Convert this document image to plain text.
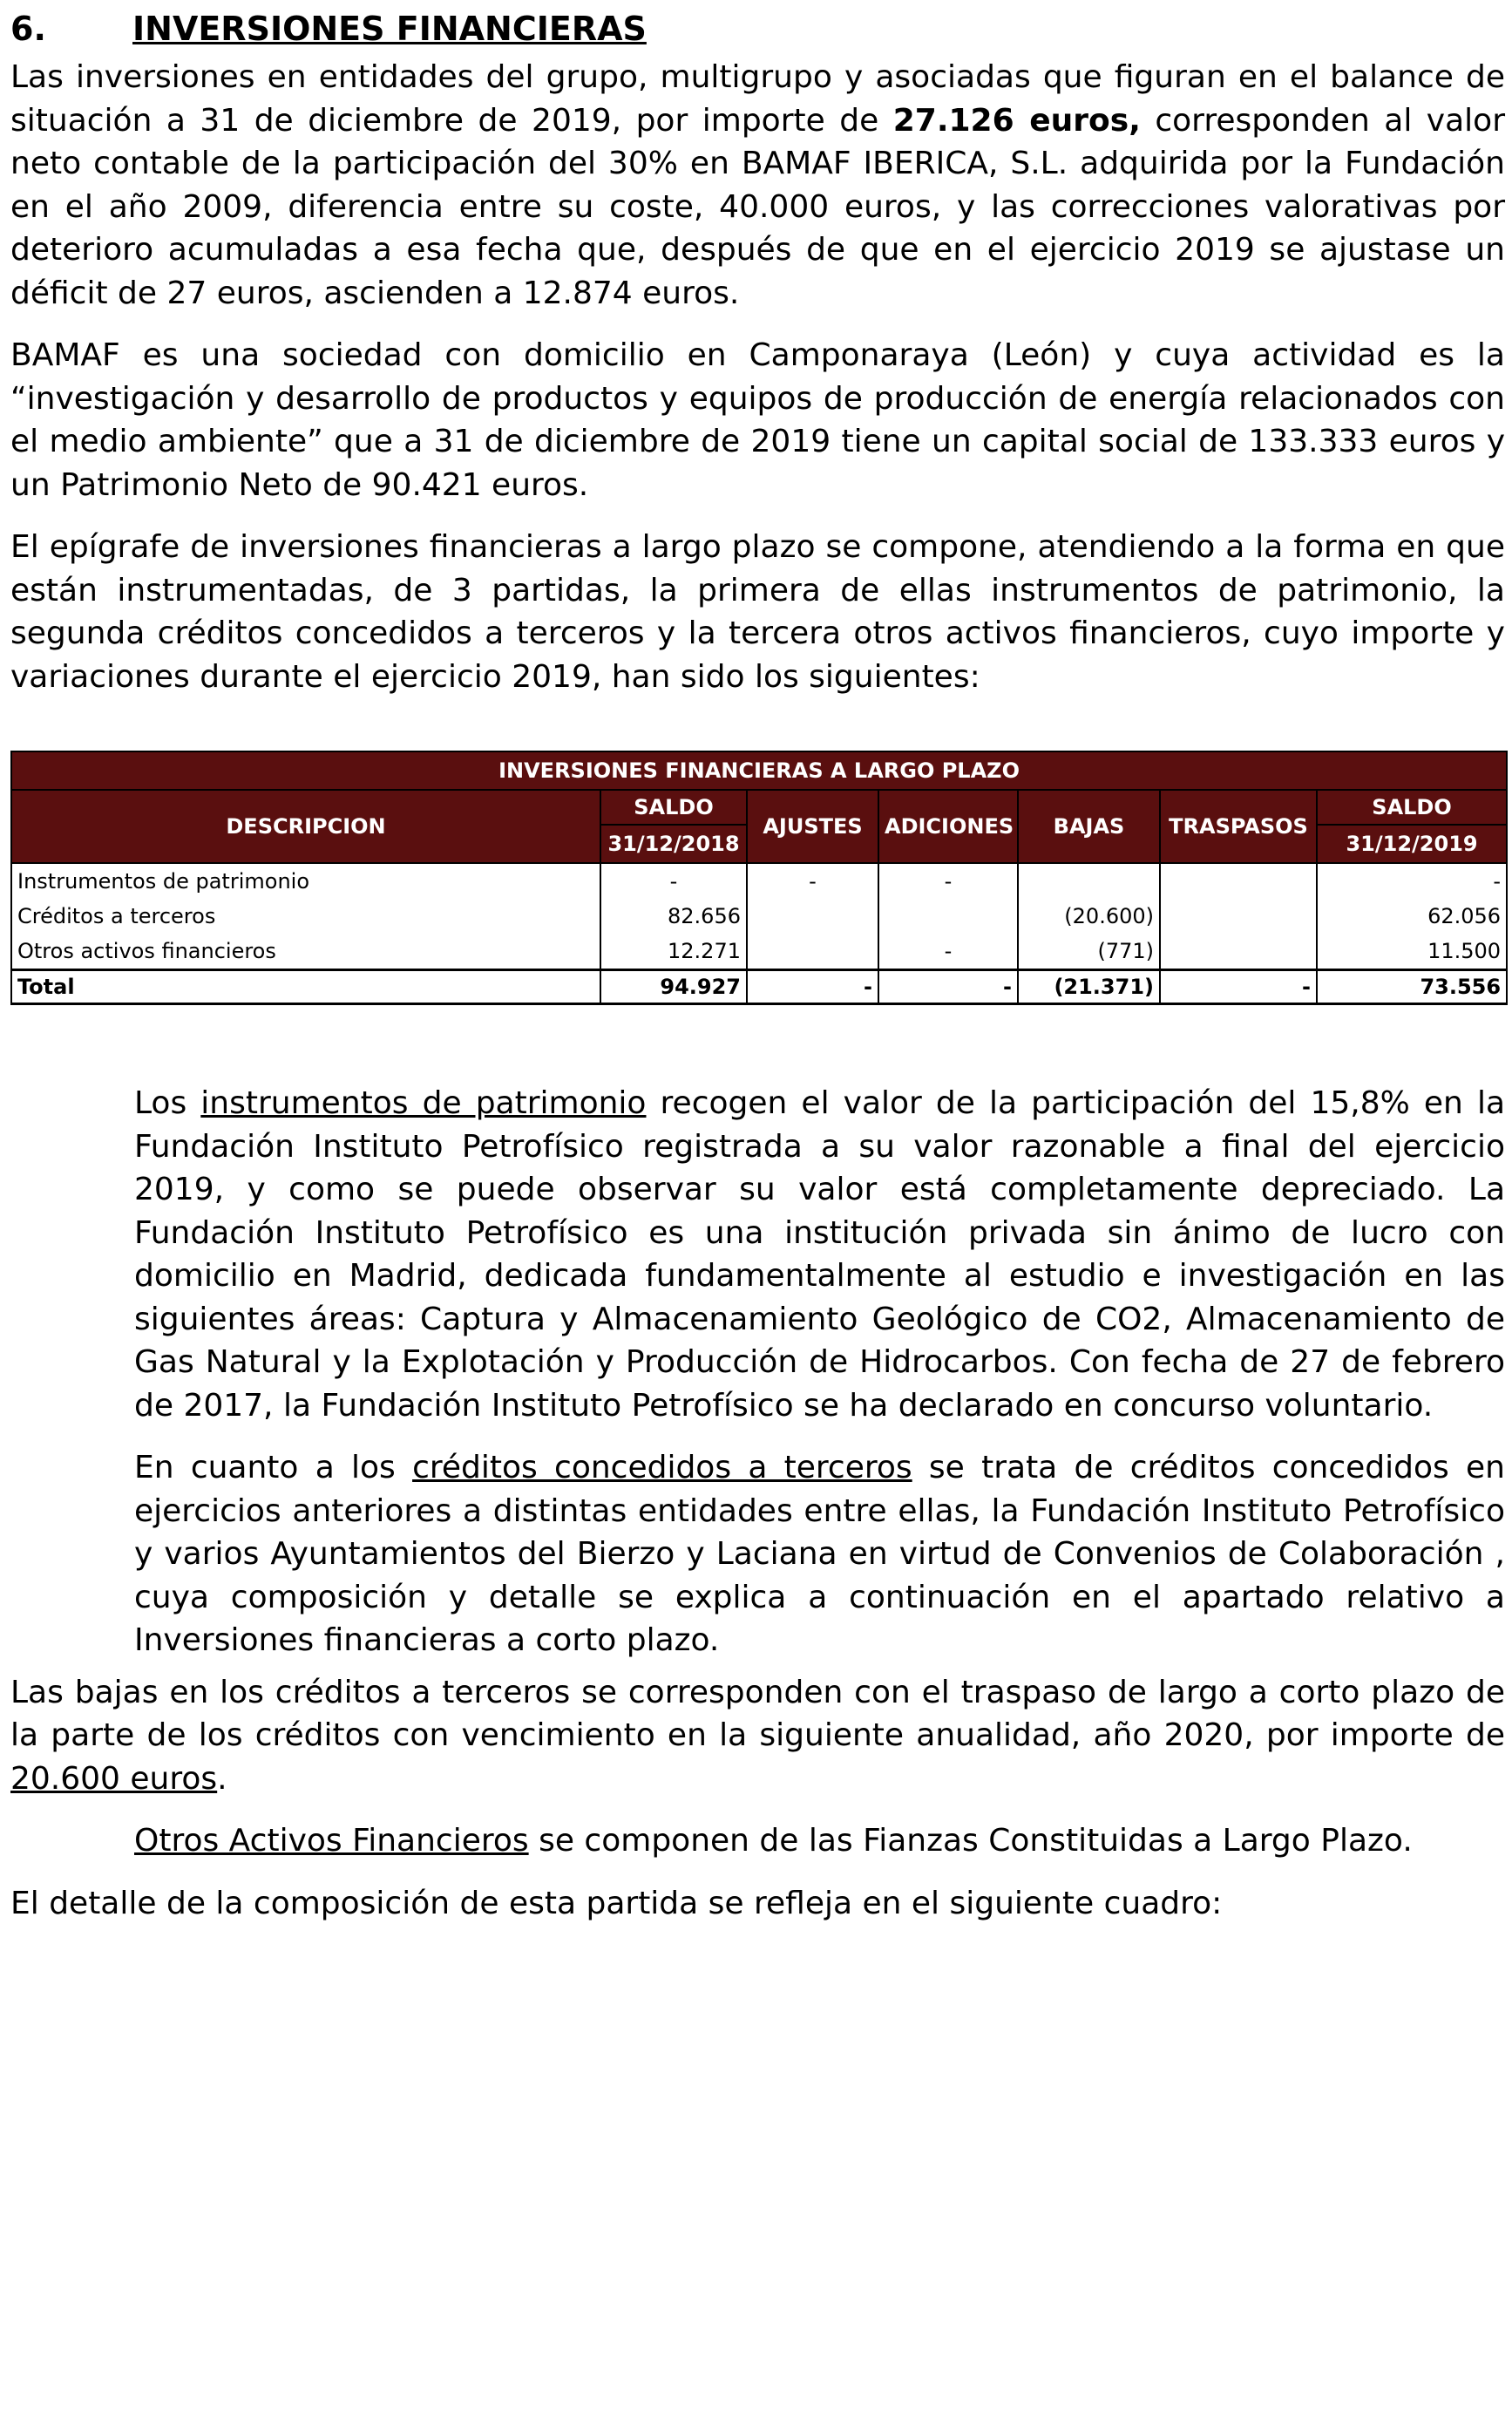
6.	INVERSIONES FINANCIERAS

Las inversiones en entidades del grupo, multigrupo y asociadas que figuran en el balance de situación a 31 de diciembre de 2019, por importe de 27.126 euros, corresponden al valor neto contable de la participación del 30% en BAMAF IBERICA, S.L. adquirida por la Fundación en el año 2009, diferencia entre su coste, 40.000 euros, y las correcciones valorativas por deterioro acumuladas a esa fecha que, después de que en el ejercicio 2019 se ajustase un déficit de 27 euros, ascienden a 12.874 euros.

BAMAF es una sociedad con domicilio en Camponaraya (León) y cuya actividad es la “investigación y desarrollo de productos y equipos de producción de energía relacionados con el medio ambiente” que a 31 de diciembre de 2019 tiene un capital social de 133.333 euros y un Patrimonio Neto de 90.421 euros.

El epígrafe de inversiones financieras a largo plazo se compone, atendiendo a la forma en que están instrumentadas, de 3 partidas, la primera de ellas instrumentos de patrimonio, la segunda créditos concedidos a terceros y la tercera otros activos financieros, cuyo importe y variaciones durante el ejercicio 2019, han sido los siguientes:

INVERSIONES FINANCIERAS A LARGO PLAZO						
DESCRIPCION	SALDO	AJUSTES	ADICIONES	BAJAS	TRASPASOS	SALDO
	31/12/2018					31/12/2019
Instrumentos de patrimonio	-	-	-			-
Créditos a terceros	82.656			(20.600)		62.056
Otros activos financieros	12.271		-	(771)		11.500
Total	94.927	-	-	(21.371)	-	73.556

Los instrumentos de patrimonio recogen el valor de la participación del 15,8% en la Fundación Instituto Petrofísico registrada a su valor razonable a final del ejercicio 2019, y como se puede observar su valor está completamente depreciado. La Fundación Instituto Petrofísico es una institución privada sin ánimo de lucro con domicilio en Madrid, dedicada fundamentalmente al estudio e investigación en las siguientes áreas: Captura y Almacenamiento Geológico de CO2, Almacenamiento de Gas Natural y la Explotación y Producción de Hidrocarbos. Con fecha de 27 de febrero de 2017, la Fundación Instituto Petrofísico se ha declarado en concurso voluntario.

En cuanto a los créditos concedidos a terceros se trata de créditos concedidos en ejercicios anteriores a distintas entidades entre ellas, la Fundación Instituto Petrofísico y varios Ayuntamientos del Bierzo y Laciana en virtud de Convenios de Colaboración , cuya composición y detalle se explica a continuación en el apartado relativo a Inversiones financieras a corto plazo.

Las bajas en los créditos a terceros se corresponden con el traspaso de largo a corto plazo de la parte de los créditos con vencimiento en la siguiente anualidad, año 2020, por importe de 20.600 euros.

Otros Activos Financieros se componen de las Fianzas Constituidas a Largo Plazo.

El detalle de la composición de esta partida se refleja en el siguiente cuadro:
